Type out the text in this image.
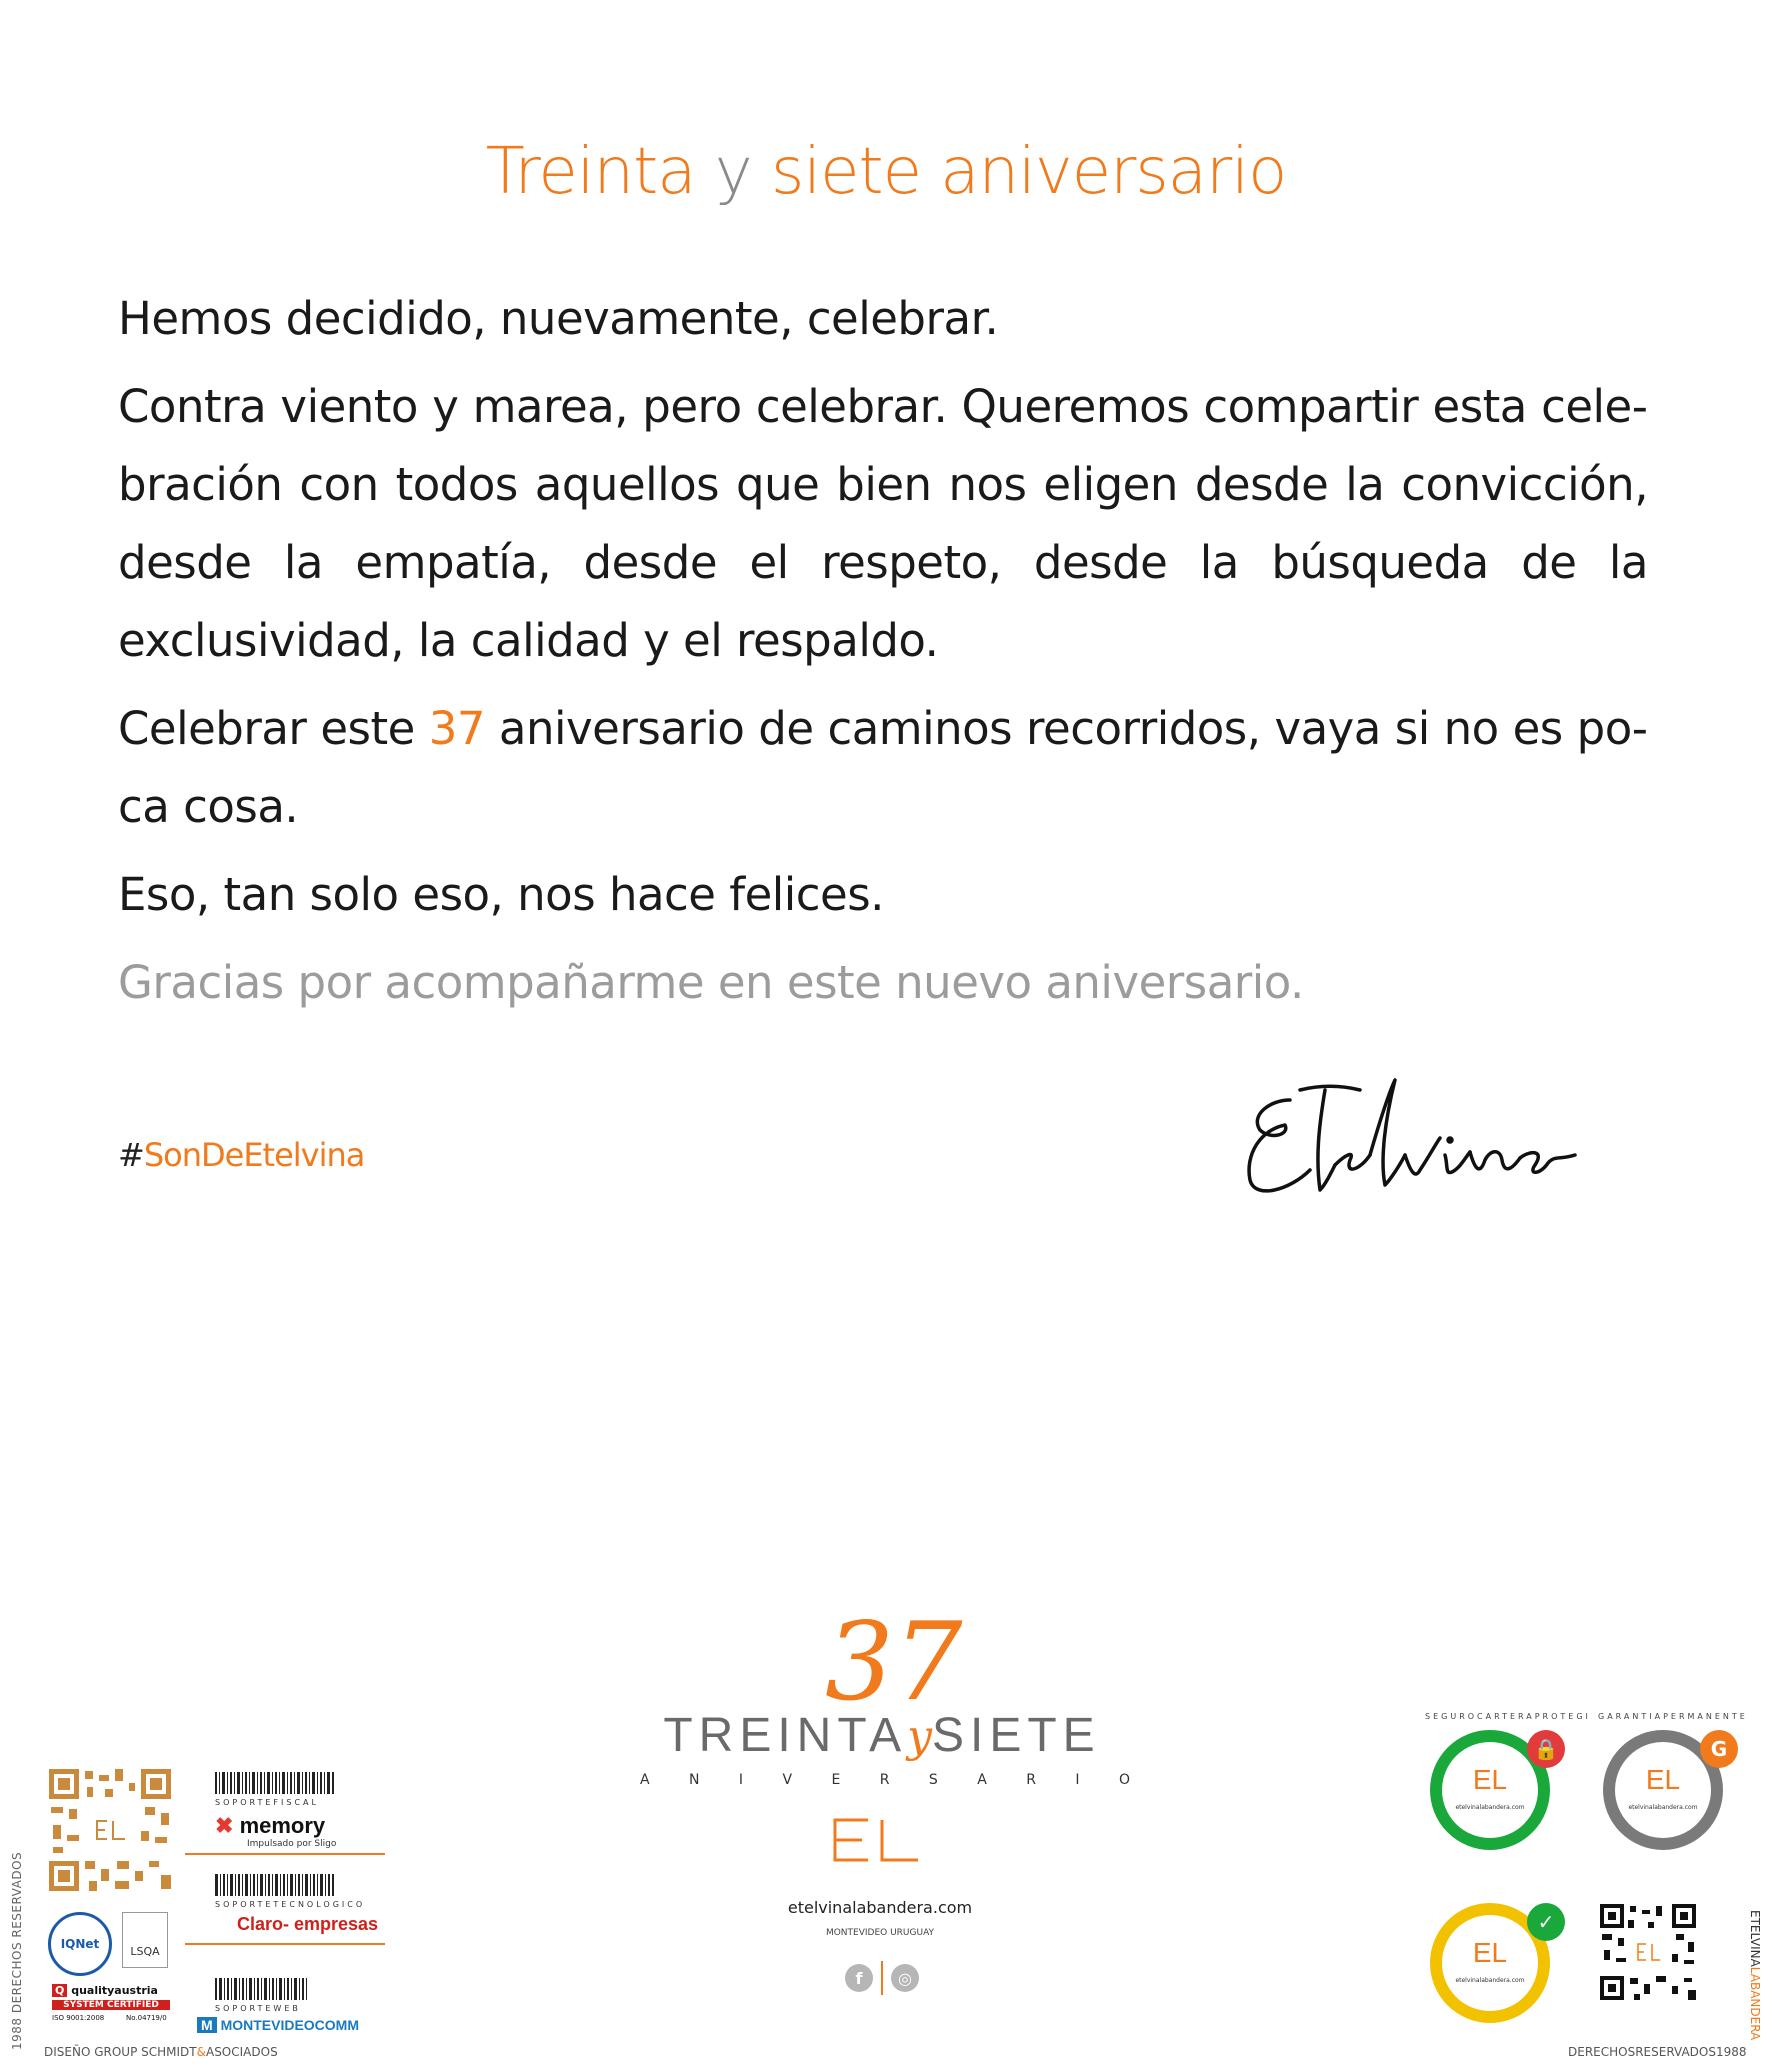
Treinta y siete aniversario

Hemos decidido, nuevamente, celebrar.

Contra viento y marea, pero celebrar. Queremos compartir esta celebración con todos aquellos que bien nos eligen desde la convicción, desde la empatía, desde el respeto, desde la búsqueda de la exclusividad, la calidad y el respaldo.

Celebrar este 37 aniversario de caminos recorridos, vaya si no es poca cosa.

Eso, tan solo eso, nos hace felices.

Gracias por acompañarme en este nuevo aniversario.

#SonDeEtelvina
37
TREINTAySIETE
A	N	I	V	E	R	S	A	R	I	O
etelvinalabandera.com
MONTEVIDEO URUGUAY
f	◎
SOPORTEFISCAL
✖ memory
Impulsado por Sligo
SOPORTETECNOLOGICO
Claro- empresas
SOPORTEWEB
M MONTEVIDEOCOMM
IQNet
LSQA
Q qualityaustria
SYSTEM CERTIFIED
ISO 9001:2008	No.04719/0
1988 DERECHOS RESERVADOS
DISEÑO GROUP SCHMIDT&ASOCIADOS
SEGUROCARTERAPROTEGI
EL
etelvinalabandera.com
🔒
GARANTIAPERMANENTE
EL
etelvinalabandera.com
G
EL
etelvinalabandera.com
✓	ETELVINALABANDERA
DERECHOSRESERVADOS1988
